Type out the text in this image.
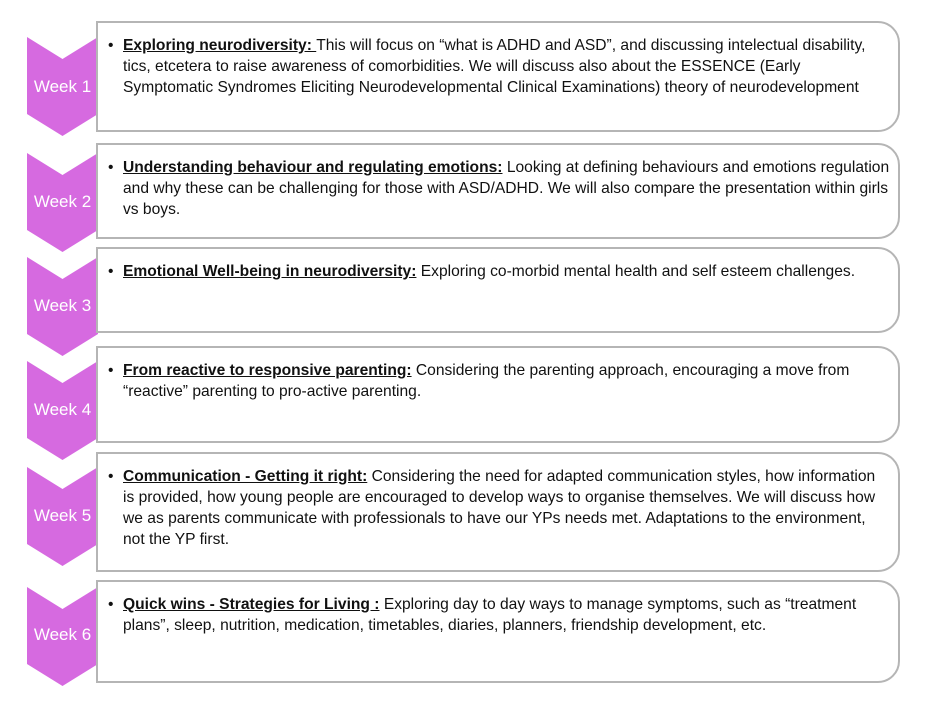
Week 1
• Exploring neurodiversity: This will focus on “what is ADHD and ASD”, and discussing intelectual disability, tics, etcetera to raise awareness of comorbidities. We will discuss also about the ESSENCE (Early Symptomatic Syndromes Eliciting Neurodevelopmental Clinical Examinations) theory of neurodevelopment
Week 2
• Understanding behaviour and regulating emotions: Looking at defining behaviours and emotions regulation and why these can be challenging for those with ASD/ADHD. We will also compare the presentation within girls vs boys.
Week 3
• Emotional Well-being in neurodiversity: Exploring co-morbid mental health and self esteem challenges.
Week 4
• From reactive to responsive parenting: Considering the parenting approach, encouraging a move from “reactive” parenting to pro-active parenting.
Week 5
• Communication - Getting it right: Considering the need for adapted communication styles, how information is provided, how young people are encouraged to develop ways to organise themselves. We will discuss how we as parents communicate with professionals to have our YPs needs met. Adaptations to the environment, not the YP first.
Week 6
• Quick wins - Strategies for Living : Exploring day to day ways to manage symptoms, such as “treatment plans”, sleep, nutrition, medication, timetables, diaries, planners, friendship development, etc.
